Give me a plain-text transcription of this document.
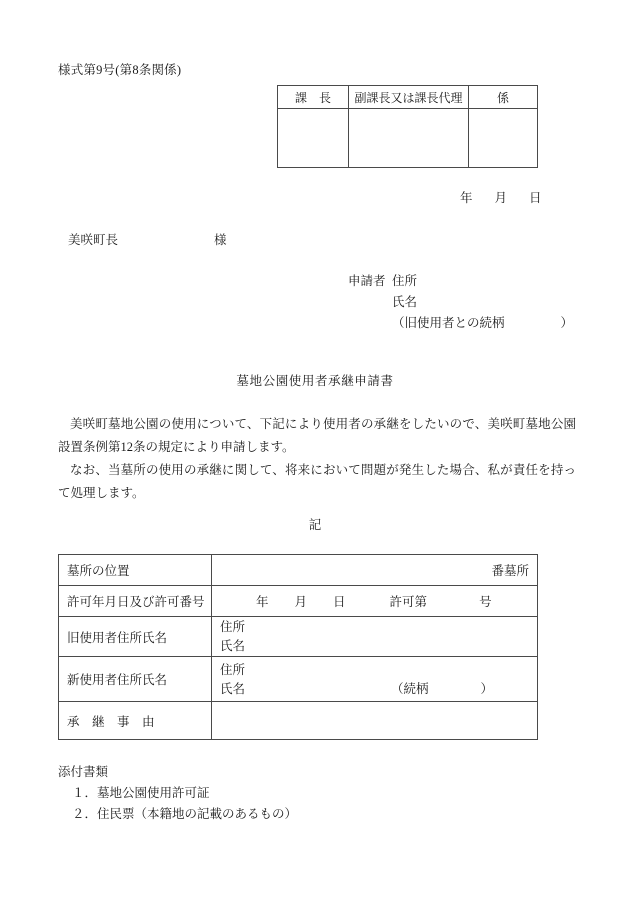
様式第9号(第8条関係)
課　長	副課長又は課長代理	係

年 月 日
美咲町長	様
申請者 住所
氏名
（旧使用者との続柄	）
墓地公園使用者承継申請書

美咲町墓地公園の使用について、下記により使用者の承継をしたいので、美咲町墓地公園設置条例第12条の規定により申請します。

なお、当墓所の使用の承継に関して、将来において問題が発生した場合、私が責任を持って処理します。

記
墓所の位置	番墓所
許可年月日及び許可番号	年 月 日 許可第 号

旧使用者住所氏名	住所
氏名

新使用者住所氏名	住所
氏名 （続柄 ）

承　継　事　由	
添付書類
１．墓地公園使用許可証
２．住民票（本籍地の記載のあるもの）
